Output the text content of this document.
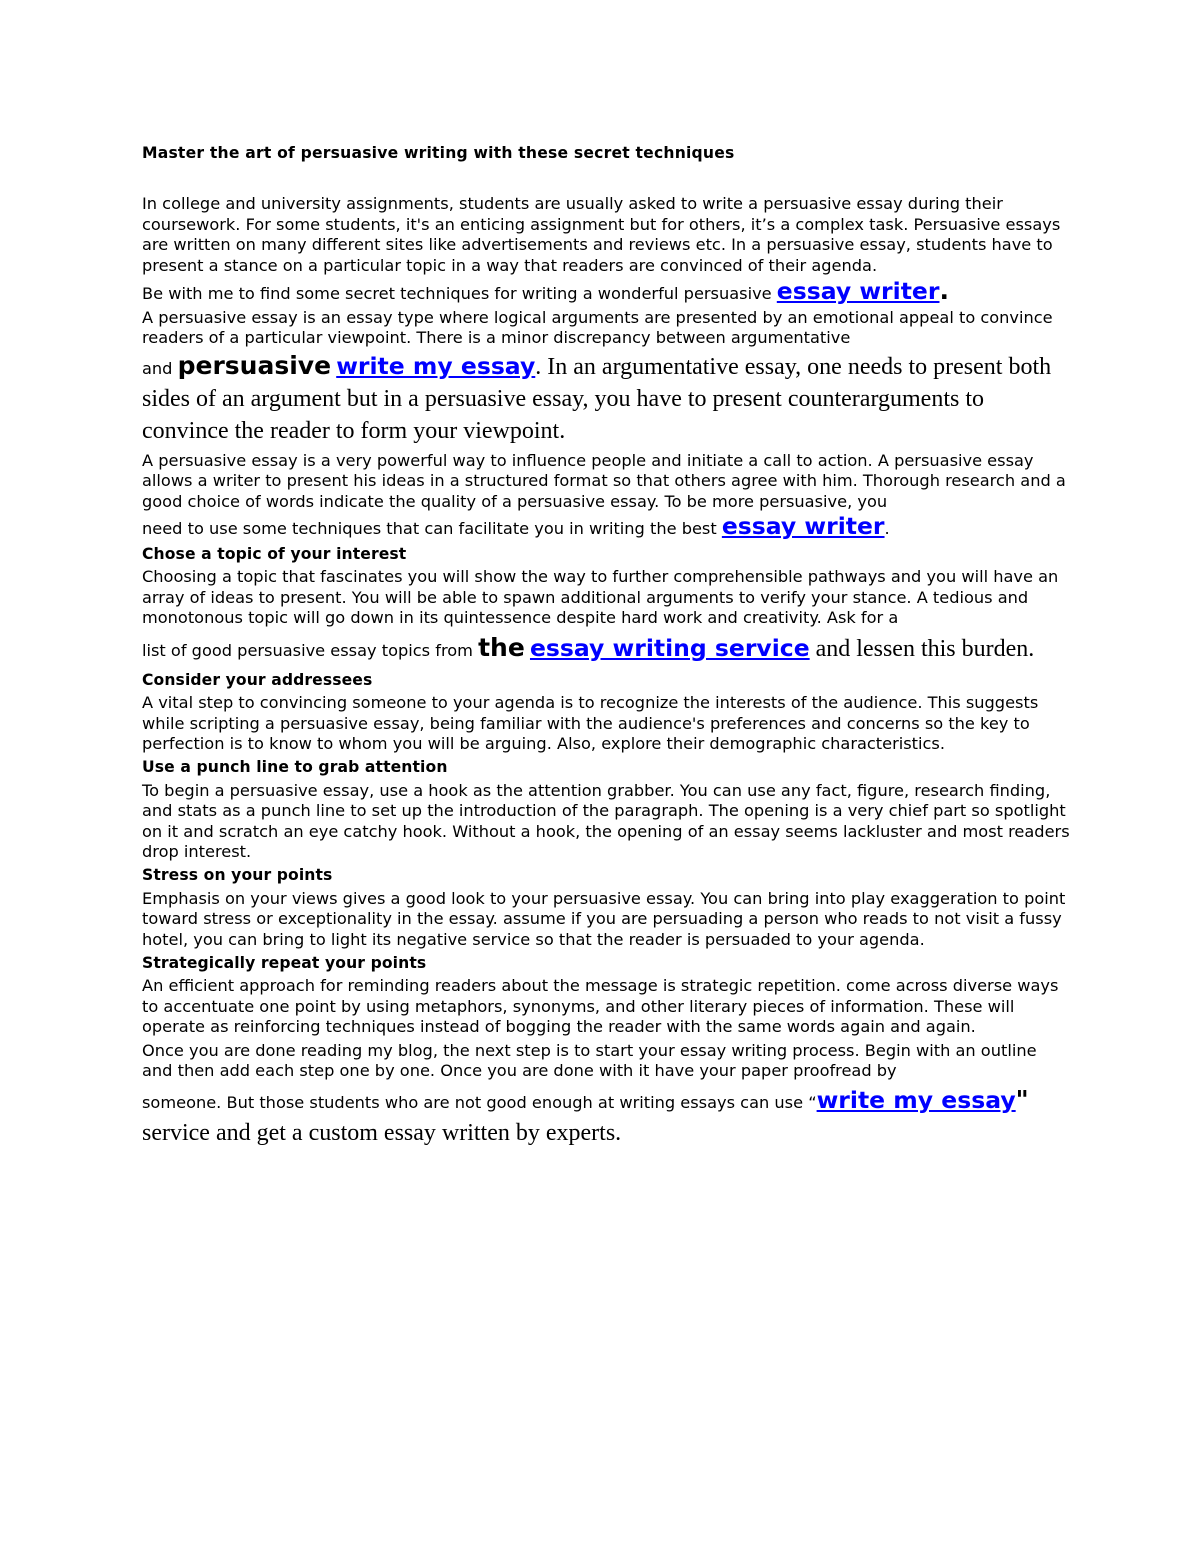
Master the art of persuasive writing with these secret techniques

In college and university assignments, students are usually asked to write a persuasive essay during their coursework. For some students, it's an enticing assignment but for others, it’s a complex task. Persuasive essays are written on many different sites like advertisements and reviews etc. In a persuasive essay, students have to present a stance on a particular topic in a way that readers are convinced of their agenda.

Be with me to find some secret techniques for writing a wonderful persuasive essay writer.

A persuasive essay is an essay type where logical arguments are presented by an emotional appeal to convince readers of a particular viewpoint. There is a minor discrepancy between argumentative

and persuasive write my essay. In an argumentative essay, one needs to present both sides of an argument but in a persuasive essay, you have to present counterarguments to convince the reader to form your viewpoint.

A persuasive essay is a very powerful way to influence people and initiate a call to action. A persuasive essay allows a writer to present his ideas in a structured format so that others agree with him. Thorough research and a good choice of words indicate the quality of a persuasive essay. To be more persuasive, you

need to use some techniques that can facilitate you in writing the best essay writer.

Chose a topic of your interest

Choosing a topic that fascinates you will show the way to further comprehensible pathways and you will have an array of ideas to present. You will be able to spawn additional arguments to verify your stance. A tedious and monotonous topic will go down in its quintessence despite hard work and creativity. Ask for a

list of good persuasive essay topics from the essay writing service and lessen this burden.

Consider your addressees

A vital step to convincing someone to your agenda is to recognize the interests of the audience. This suggests while scripting a persuasive essay, being familiar with the audience's preferences and concerns so the key to perfection is to know to whom you will be arguing. Also, explore their demographic characteristics.

Use a punch line to grab attention

To begin a persuasive essay, use a hook as the attention grabber. You can use any fact, figure, research finding, and stats as a punch line to set up the introduction of the paragraph. The opening is a very chief part so spotlight on it and scratch an eye catchy hook. Without a hook, the opening of an essay seems lackluster and most readers drop interest.

Stress on your points

Emphasis on your views gives a good look to your persuasive essay. You can bring into play exaggeration to point toward stress or exceptionality in the essay. assume if you are persuading a person who reads to not visit a fussy hotel, you can bring to light its negative service so that the reader is persuaded to your agenda.

Strategically repeat your points

An efficient approach for reminding readers about the message is strategic repetition. come across diverse ways to accentuate one point by using metaphors, synonyms, and other literary pieces of information. These will operate as reinforcing techniques instead of bogging the reader with the same words again and again.

Once you are done reading my blog, the next step is to start your essay writing process. Begin with an outline and then add each step one by one. Once you are done with it have your paper proofread by

someone. But those students who are not good enough at writing essays can use “write my essay" service and get a custom essay written by experts.
